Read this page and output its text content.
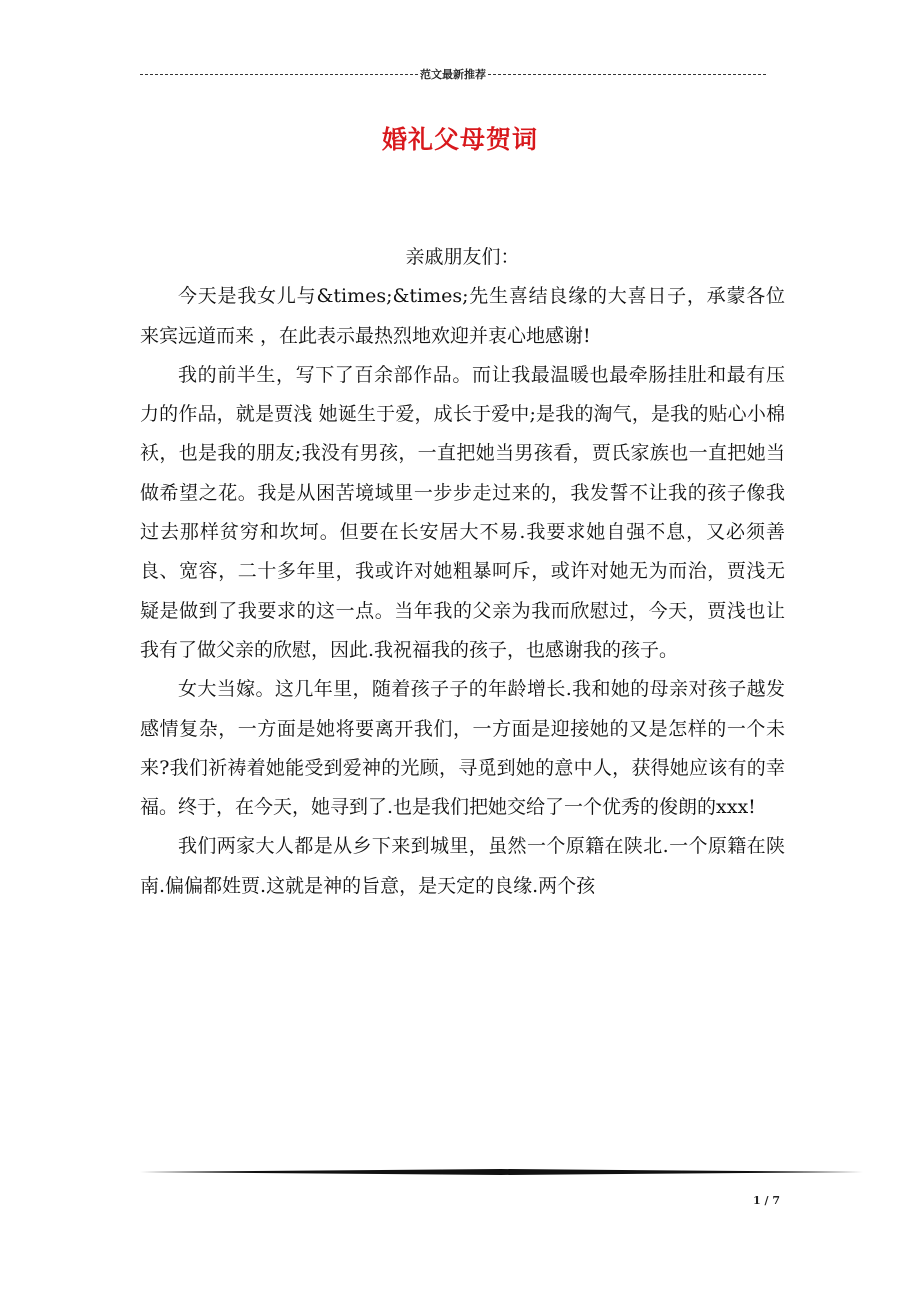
范文最新推荐
婚礼父母贺词

亲戚朋友们：

今天是我女儿与&times;&times;先生喜结良缘的大喜日子，承蒙各位来宾远道而来 ，在此表示最热烈地欢迎并衷心地感谢!

我的前半生，写下了百余部作品。而让我最温暖也最牵肠挂肚和最有压力的作品，就是贾浅 她诞生于爱，成长于爱中;是我的淘气，是我的贴心小棉袄，也是我的朋友;我没有男孩，一直把她当男孩看，贾氏家族也一直把她当做希望之花。我是从困苦境域里一步步走过来的，我发誓不让我的孩子像我过去那样贫穷和坎坷。但要在长安居大不易.我要求她自强不息，又必须善良、宽容，二十多年里，我或许对她粗暴呵斥，或许对她无为而治，贾浅无疑是做到了我要求的这一点。当年我的父亲为我而欣慰过，今天，贾浅也让我有了做父亲的欣慰，因此.我祝福我的孩子，也感谢我的孩子。

女大当嫁。这几年里，随着孩子子的年龄增长.我和她的母亲对孩子越发感情复杂，一方面是她将要离开我们，一方面是迎接她的又是怎样的一个未来?我们祈祷着她能受到爱神的光顾，寻觅到她的意中人，获得她应该有的幸福。终于，在今天，她寻到了.也是我们把她交给了一个优秀的俊朗的xxx!

我们两家大人都是从乡下来到城里，虽然一个原籍在陕北.一个原籍在陕南.偏偏都姓贾.这就是神的旨意，是天定的良缘.两个孩

1 / 7
